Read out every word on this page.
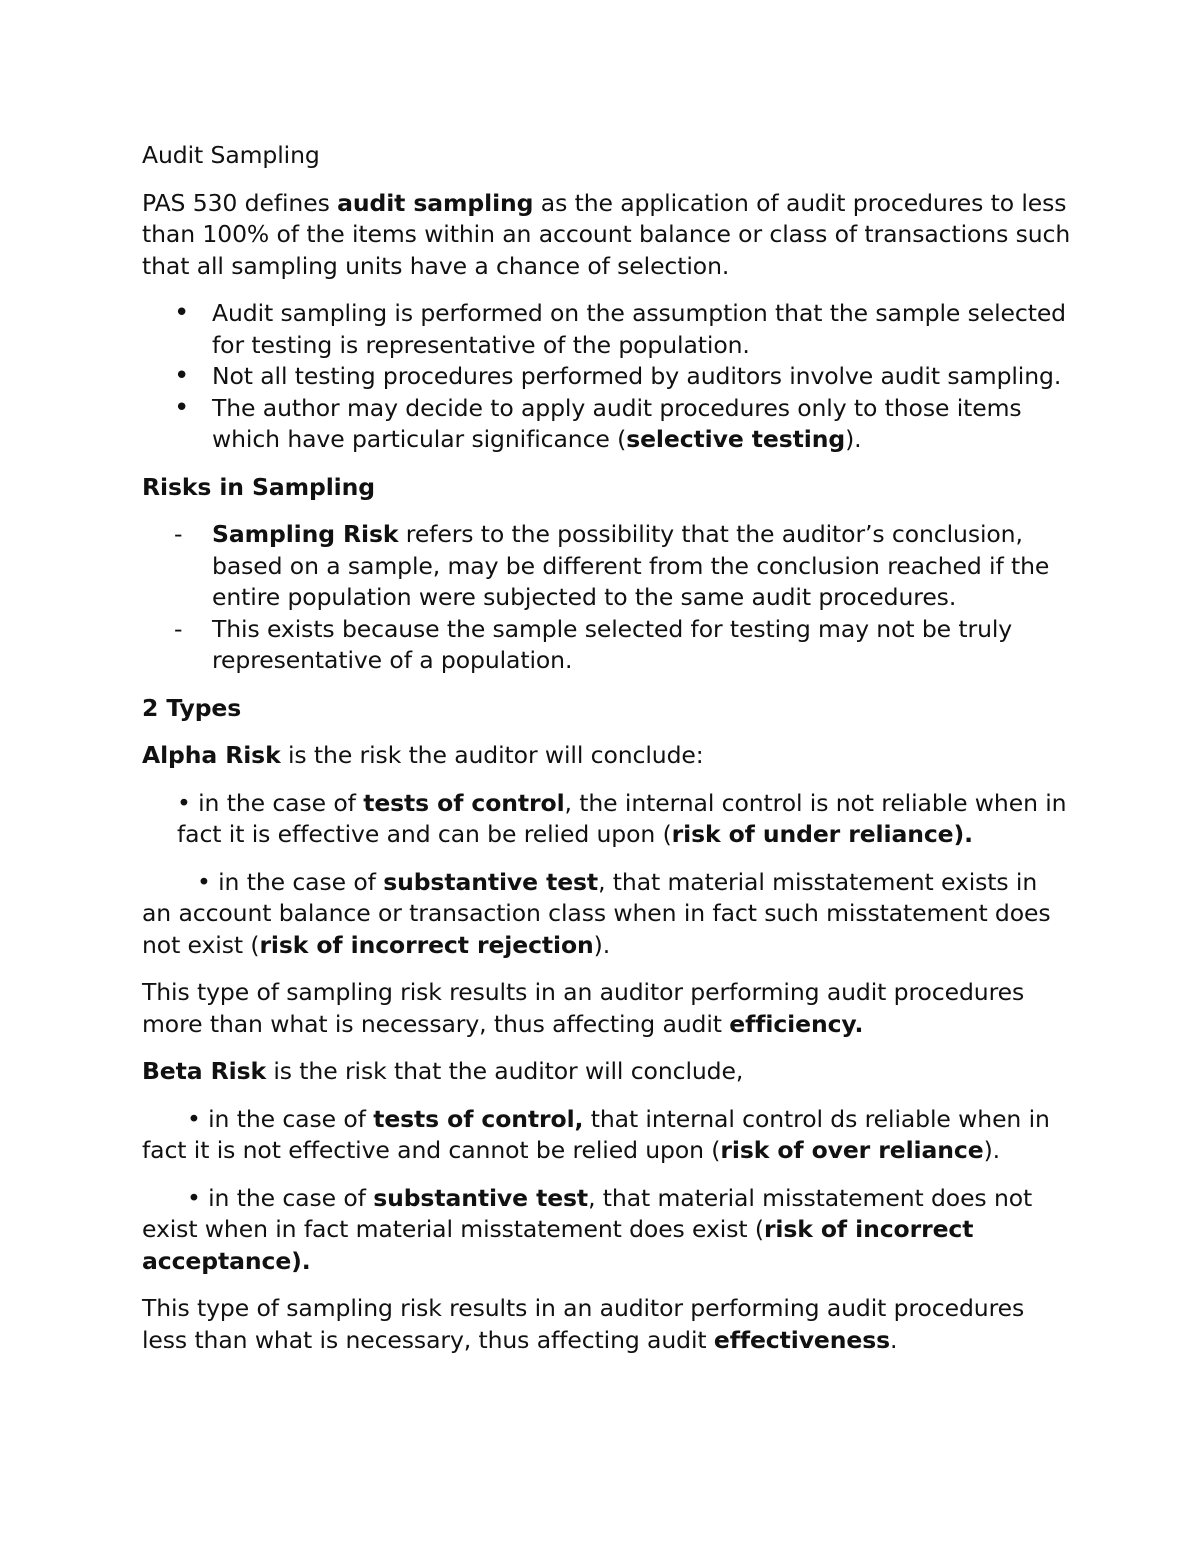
Audit Sampling

PAS 530 defines audit sampling as the application of audit procedures to less than 100% of the items within an account balance or class of transactions such that all sampling units have a chance of selection.

• Audit sampling is performed on the assumption that the sample selected for testing is representative of the population.
• Not all testing procedures performed by auditors involve audit sampling.
• The author may decide to apply audit procedures only to those items which have particular significance (selective testing).

Risks in Sampling

- Sampling Risk refers to the possibility that the auditor’s conclusion, based on a sample, may be different from the conclusion reached if the entire population were subjected to the same audit procedures.
- This exists because the sample selected for testing may not be truly representative of a population.

2 Types

Alpha Risk is the risk the auditor will conclude:

• in the case of tests of control, the internal control is not reliable when in fact it is effective and can be relied upon (risk of under reliance).

• in the case of substantive test, that material misstatement exists in an account balance or transaction class when in fact such misstatement does not exist (risk of incorrect rejection).

This type of sampling risk results in an auditor performing audit procedures more than what is necessary, thus affecting audit efficiency.

Beta Risk is the risk that the auditor will conclude,

• in the case of tests of control, that internal control ds reliable when in fact it is not effective and cannot be relied upon (risk of over reliance).

• in the case of substantive test, that material misstatement does not exist when in fact material misstatement does exist (risk of incorrect acceptance).

This type of sampling risk results in an auditor performing audit procedures less than what is necessary, thus affecting audit effectiveness.
